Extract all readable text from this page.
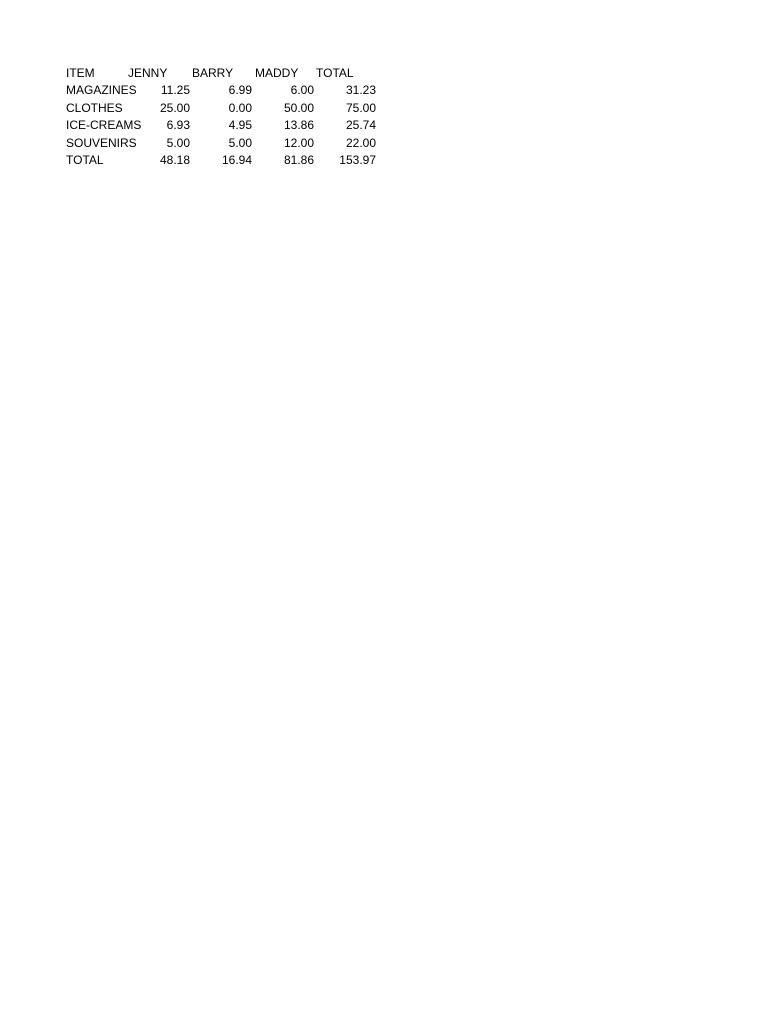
ITEM	JENNY	BARRY	MADDY	TOTAL
MAGAZINES	11.25	6.99	6.00	31.23
CLOTHES	25.00	0.00	50.00	75.00
ICE-CREAMS	6.93	4.95	13.86	25.74
SOUVENIRS	5.00	5.00	12.00	22.00
TOTAL	48.18	16.94	81.86	153.97
